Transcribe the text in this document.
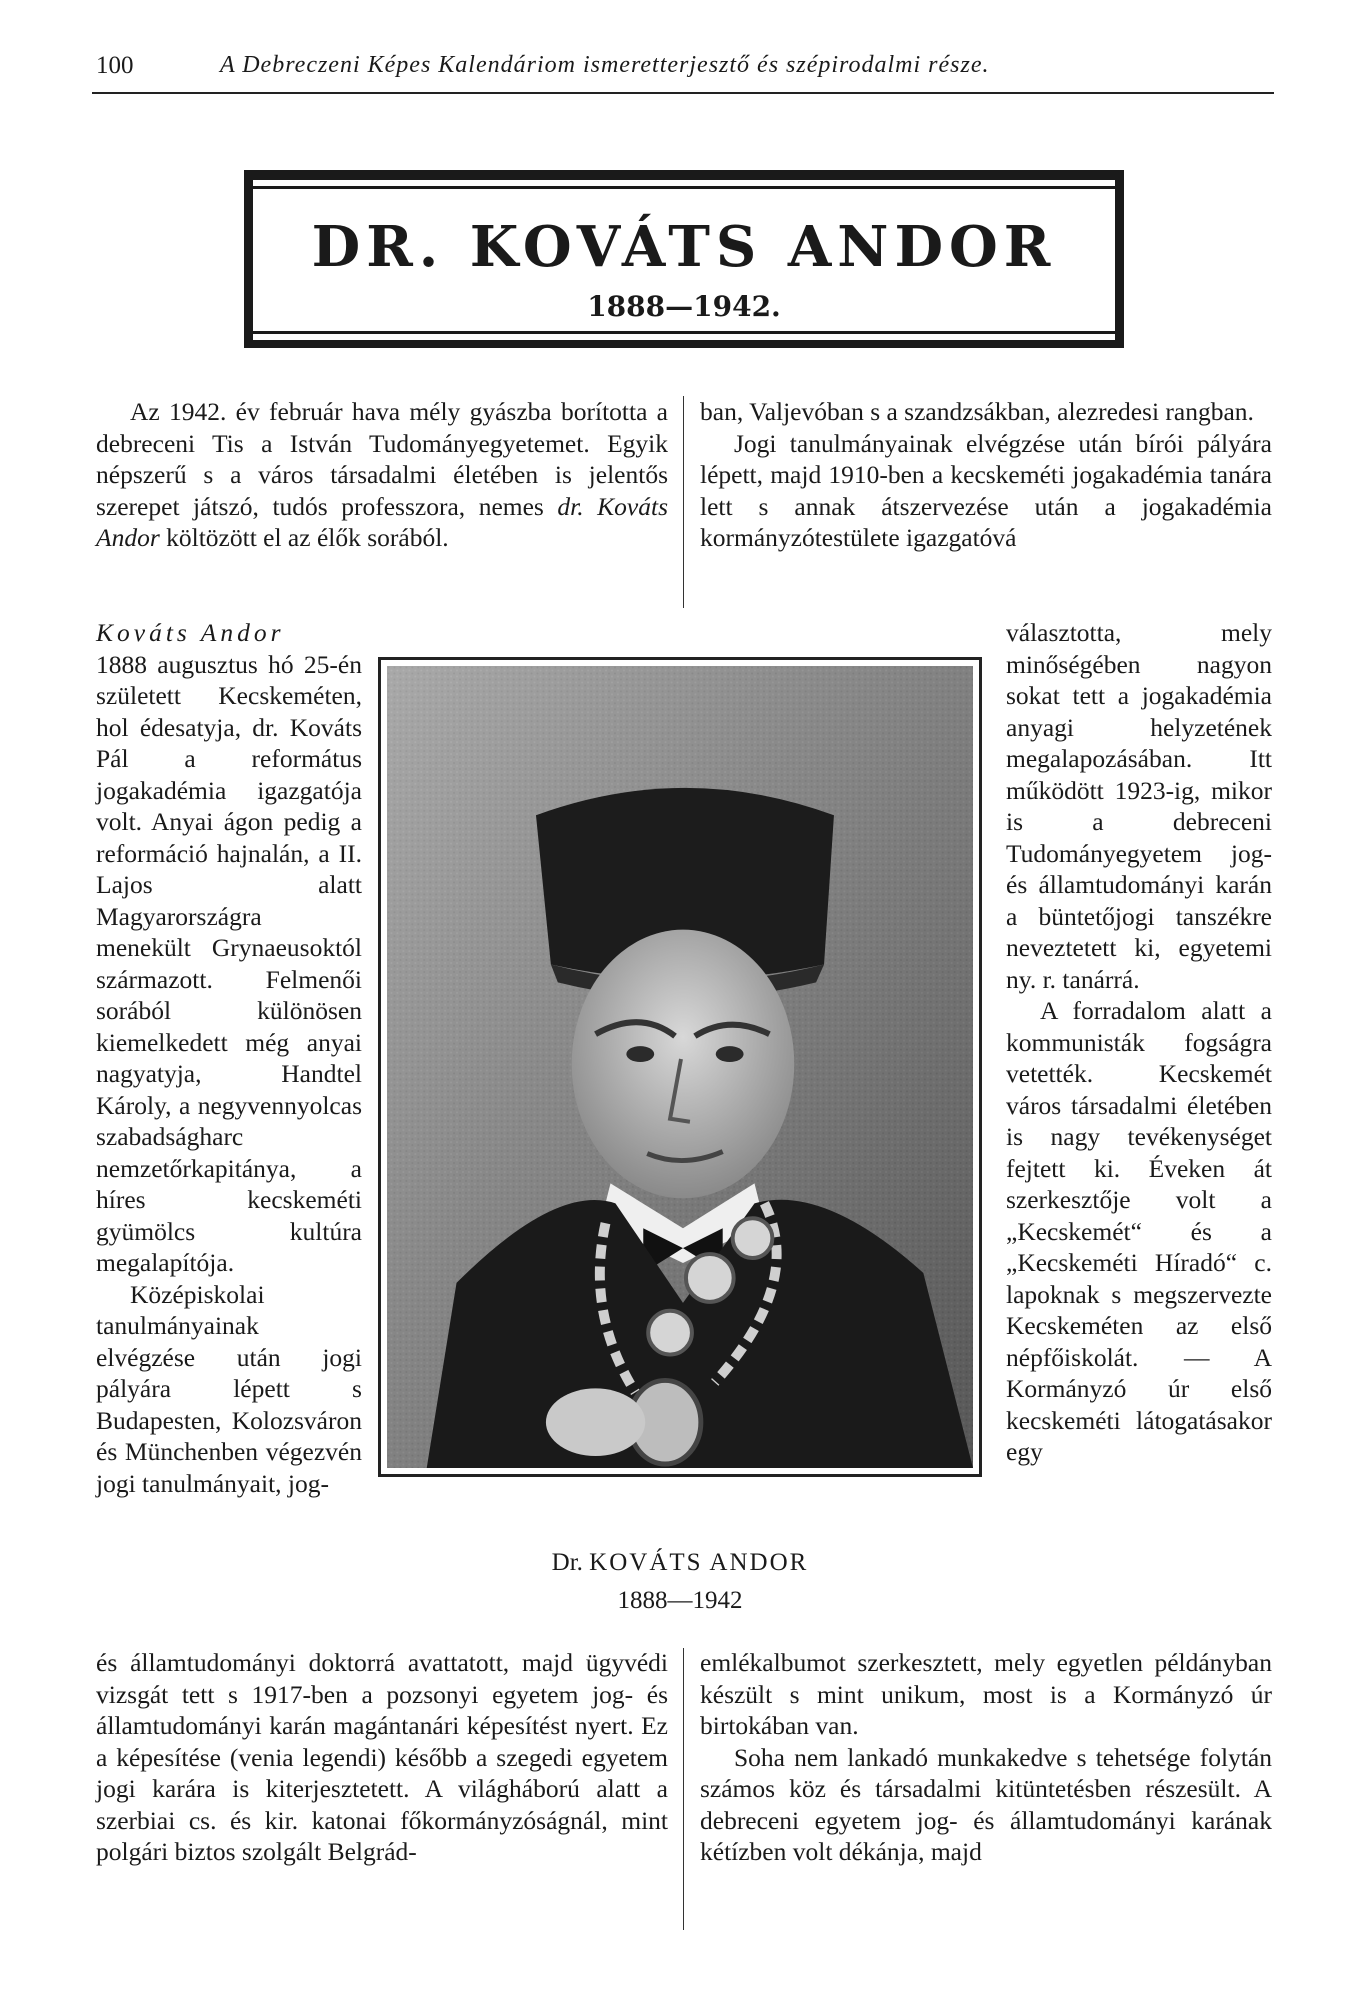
100	A Debreczeni Képes Kalendáriom ismeretterjesztő és szépirodalmi része.
DR. KOVÁTS ANDOR
1888—1942.

Az 1942. év február hava mély gyászba borította a debreceni Tis a István Tudományegyetemet. Egyik népszerű s a város társadalmi életében is jelentős szerepet játszó, tudós professzora, nemes dr. Kováts Andor költözött el az élők sorából.

Kováts Andor
1888 augusztus hó 25-én született Kecskeméten, hol édesatyja, dr. Kováts Pál a református jogakadémia igazgatója volt. Anyai ágon pedig a reformáció hajnalán, a II. Lajos alatt Magyarországra menekült Grynaeusoktól származott. Felmenői sorából különösen kiemelkedett még anyai nagyatyja, Handtel Károly, a negyvennyolcas szabadságharc nemzetőrkapitánya, a híres kecskeméti gyümölcs kultúra megalapítója.

Középiskolai tanulmányainak elvégzése után jogi pályára lépett s Budapesten, Kolozsváron és Münchenben végezvén jogi tanulmányait, jog-

és államtudományi doktorrá avattatott, majd ügyvédi vizsgát tett s 1917-ben a pozsonyi egyetem jog- és államtudományi karán magántanári képesítést nyert. Ez a képesítése (venia legendi) később a szegedi egyetem jogi karára is kiterjesztetett. A világháború alatt a szerbiai cs. és kir. katonai főkormányzóságnál, mint polgári biztos szolgált Belgrád-

ban, Valjevóban s a szandzsákban, alezredesi rangban.

Jogi tanulmányainak elvégzése után bírói pályára lépett, majd 1910-ben a kecskeméti jogakadémia tanára lett s annak átszervezése után a jogakadémia kormányzótestülete igazgatóvá

választotta, mely minőségében nagyon sokat tett a jogakadémia anyagi helyzetének megalapozásában. Itt működött 1923-ig, mikor is a debreceni Tudományegyetem jog- és államtudományi karán a büntetőjogi tanszékre neveztetett ki, egyetemi ny. r. tanárrá.

A forradalom alatt a kommunisták fogságra vetették. Kecskemét város társadalmi életében is nagy tevékenységet fejtett ki. Éveken át szerkesztője volt a „Kecskemét“ és a „Kecskeméti Híradó“ c. lapoknak s megszervezte Kecskeméten az első népfőiskolát. — A Kormányzó úr első kecskeméti látogatásakor egy

emlékalbumot szerkesztett, mely egyetlen példányban készült s mint unikum, most is a Kormányzó úr birtokában van.

Soha nem lankadó munkakedve s tehetsége folytán számos köz és társadalmi kitüntetésben részesült. A debreceni egyetem jog- és államtudományi karának kétízben volt dékánja, majd

Dr. KOVÁTS ANDOR
1888—1942
